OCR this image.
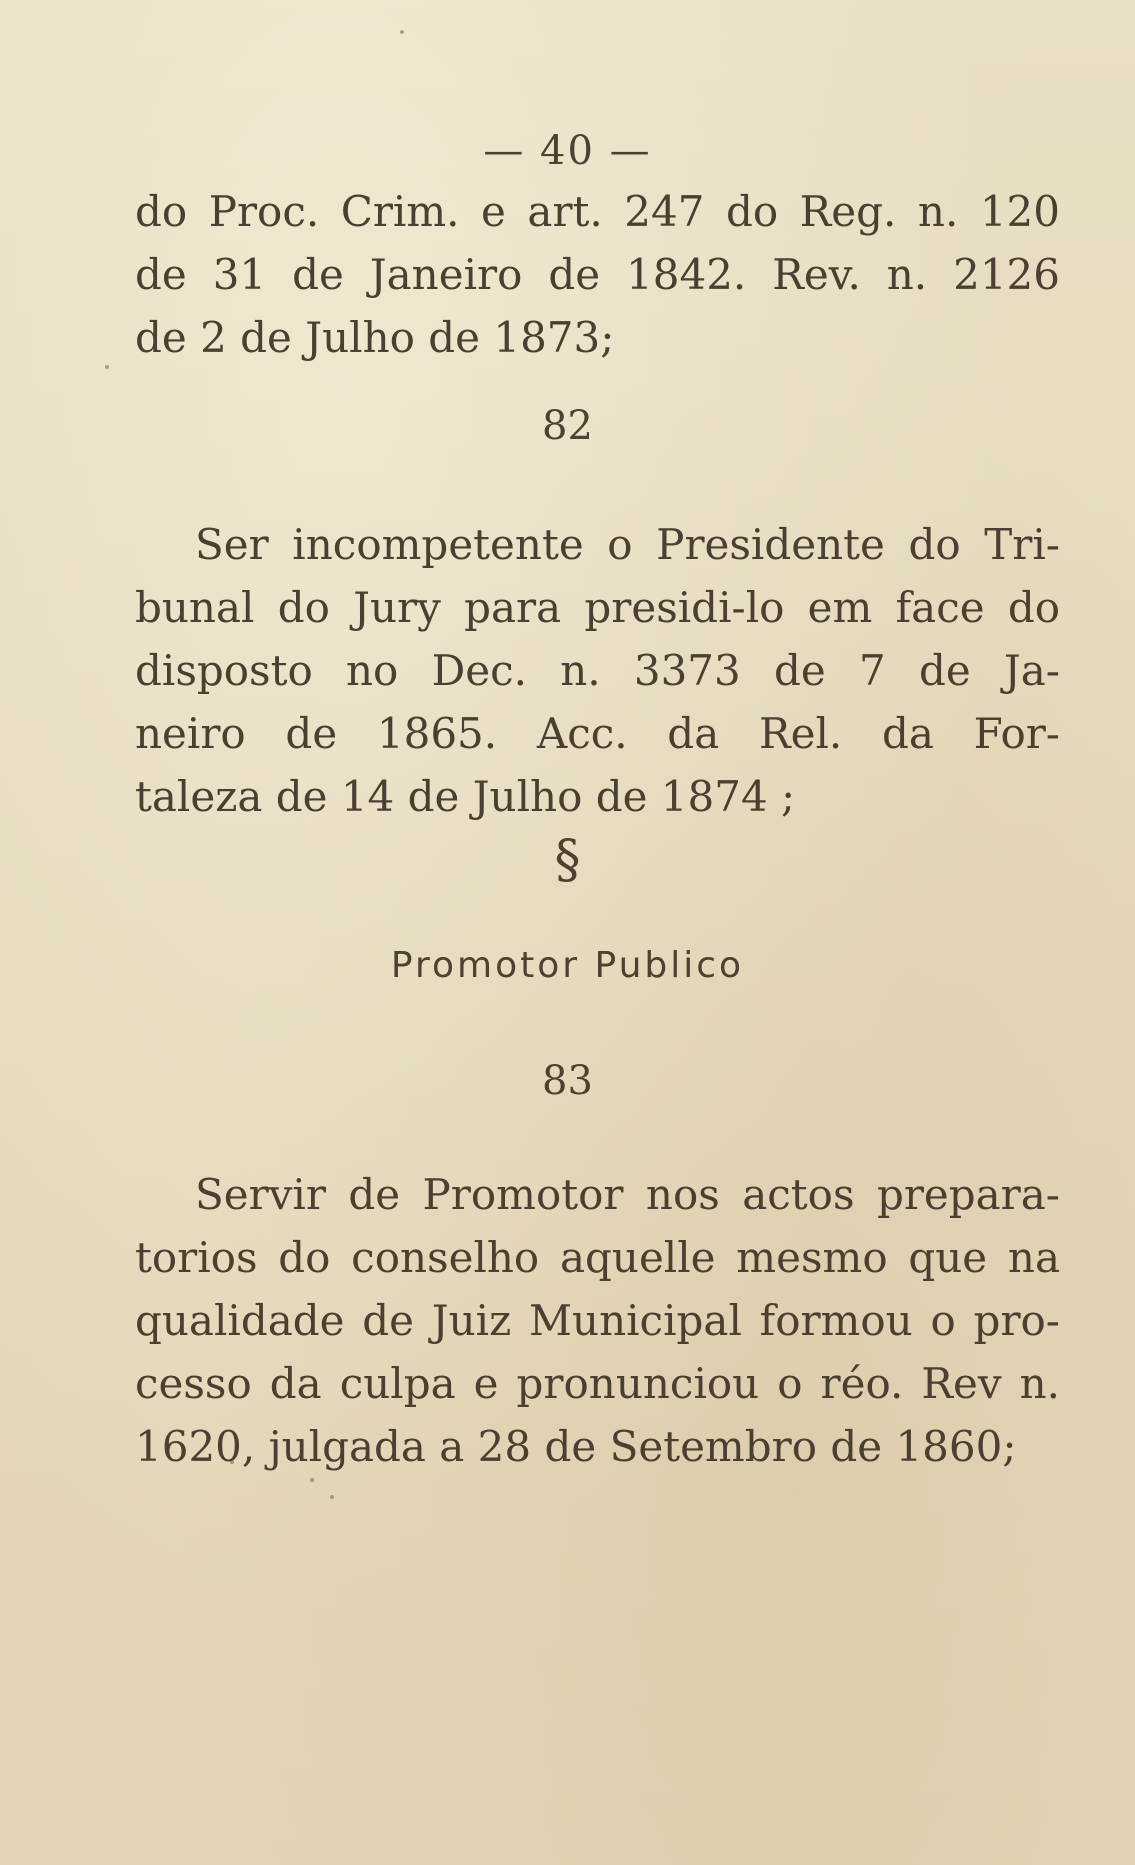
— 40 —
do Proc. Crim. e art. 247 do Reg. n. 120
de 31 de Janeiro de 1842. Rev. n. 2126
de 2 de Julho de 1873;
82
Ser incompetente o Presidente do Tri-
bunal do Jury para presidi-lo em face do
disposto no Dec. n. 3373 de 7 de Ja-
neiro de 1865. Acc. da Rel. da For-
taleza de 14 de Julho de 1874 ;
§
Promotor Publico
83
Servir de Promotor nos actos prepara-
torios do conselho aquelle mesmo que na
qualidade de Juiz Municipal formou o pro-
cesso da culpa e pronunciou o réo. Rev n.
1620, julgada a 28 de Setembro de 1860;
